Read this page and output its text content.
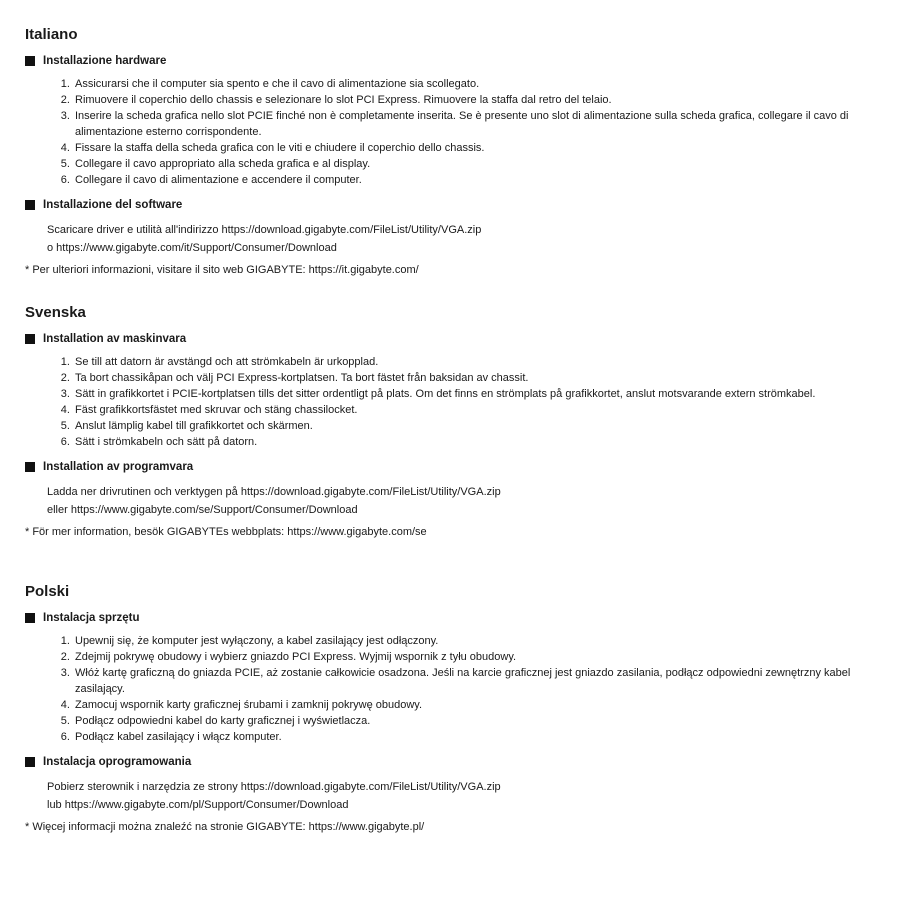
Italiano
Installazione hardware
1. Assicurarsi che il computer sia spento e che il cavo di alimentazione sia scollegato.
2. Rimuovere il coperchio dello chassis e selezionare lo slot PCI Express. Rimuovere la staffa dal retro del telaio.
3. Inserire la scheda grafica nello slot PCIE finché non è completamente inserita. Se è presente uno slot di alimentazione sulla scheda grafica, collegare il cavo di alimentazione esterno corrispondente.
4. Fissare la staffa della scheda grafica con le viti e chiudere il coperchio dello chassis.
5. Collegare il cavo appropriato alla scheda grafica e al display.
6. Collegare il cavo di alimentazione e accendere il computer.
Installazione del software
Scaricare driver e utilità all'indirizzo https://download.gigabyte.com/FileList/Utility/VGA.zip
o https://www.gigabyte.com/it/Support/Consumer/Download
* Per ulteriori informazioni, visitare il sito web GIGABYTE: https://it.gigabyte.com/
Svenska
Installation av maskinvara
1. Se till att datorn är avstängd och att strömkabeln är urkopplad.
2. Ta bort chassikåpan och välj PCI Express-kortplatsen. Ta bort fästet från baksidan av chassit.
3. Sätt in grafikkortet i PCIE-kortplatsen tills det sitter ordentligt på plats. Om det finns en strömplats på grafikkortet, anslut motsvarande extern strömkabel.
4. Fäst grafikkortsfästet med skruvar och stäng chassilocket.
5. Anslut lämplig kabel till grafikkortet och skärmen.
6. Sätt i strömkabeln och sätt på datorn.
Installation av programvara
Ladda ner drivrutinen och verktygen på https://download.gigabyte.com/FileList/Utility/VGA.zip
eller https://www.gigabyte.com/se/Support/Consumer/Download
* För mer information, besök GIGABYTEs webbplats: https://www.gigabyte.com/se
Polski
Instalacja sprzętu
1. Upewnij się, że komputer jest wyłączony, a kabel zasilający jest odłączony.
2. Zdejmij pokrywę obudowy i wybierz gniazdo PCI Express. Wyjmij wspornik z tyłu obudowy.
3. Włóż kartę graficzną do gniazda PCIE, aż zostanie całkowicie osadzona. Jeśli na karcie graficznej jest gniazdo zasilania, podłącz odpowiedni zewnętrzny kabel zasilający.
4. Zamocuj wspornik karty graficznej śrubami i zamknij pokrywę obudowy.
5. Podłącz odpowiedni kabel do karty graficznej i wyświetlacza.
6. Podłącz kabel zasilający i włącz komputer.
Instalacja oprogramowania
Pobierz sterownik i narzędzia ze strony https://download.gigabyte.com/FileList/Utility/VGA.zip
lub https://www.gigabyte.com/pl/Support/Consumer/Download
* Więcej informacji można znaleźć na stronie GIGABYTE: https://www.gigabyte.pl/
